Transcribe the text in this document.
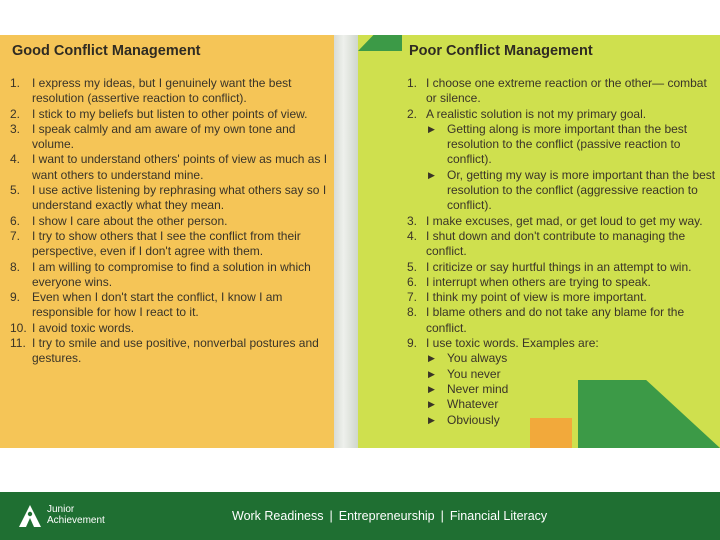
Good Conflict Management
1. I express my ideas, but I genuinely want the best resolution (assertive reaction to conflict).
2. I stick to my beliefs but listen to other points of view.
3. I speak calmly and am aware of my own tone and volume.
4. I want to understand others' points of view as much as I want others to understand mine.
5. I use active listening by rephrasing what others say so I understand exactly what they mean.
6. I show I care about the other person.
7. I try to show others that I see the conflict from their perspective, even if I don't agree with them.
8. I am willing to compromise to find a solution in which everyone wins.
9. Even when I don't start the conflict, I know I am responsible for how I react to it.
10. I avoid toxic words.
11. I try to smile and use positive, nonverbal postures and gestures.
Poor Conflict Management
1. I choose one extreme reaction or the other— combat or silence.
2. A realistic solution is not my primary goal.
▶	Getting along is more important than the best resolution to the conflict (passive reaction to conflict).
▶	Or, getting my way is more important than the best resolution to the conflict (aggressive reaction to conflict).
3. I make excuses, get mad, or get loud to get my way.
4. I shut down and don't contribute to managing the conflict.
5. I criticize or say hurtful things in an attempt to win.
6. I interrupt when others are trying to speak.
7. I think my point of view is more important.
8. I blame others and do not take any blame for the conflict.
9. I use toxic words. Examples are:
▶	You always
▶	You never
▶	Never mind
▶	Whatever
▶	Obviously
Junior
Achievement	Work Readiness | Entrepreneurship | Financial Literacy
